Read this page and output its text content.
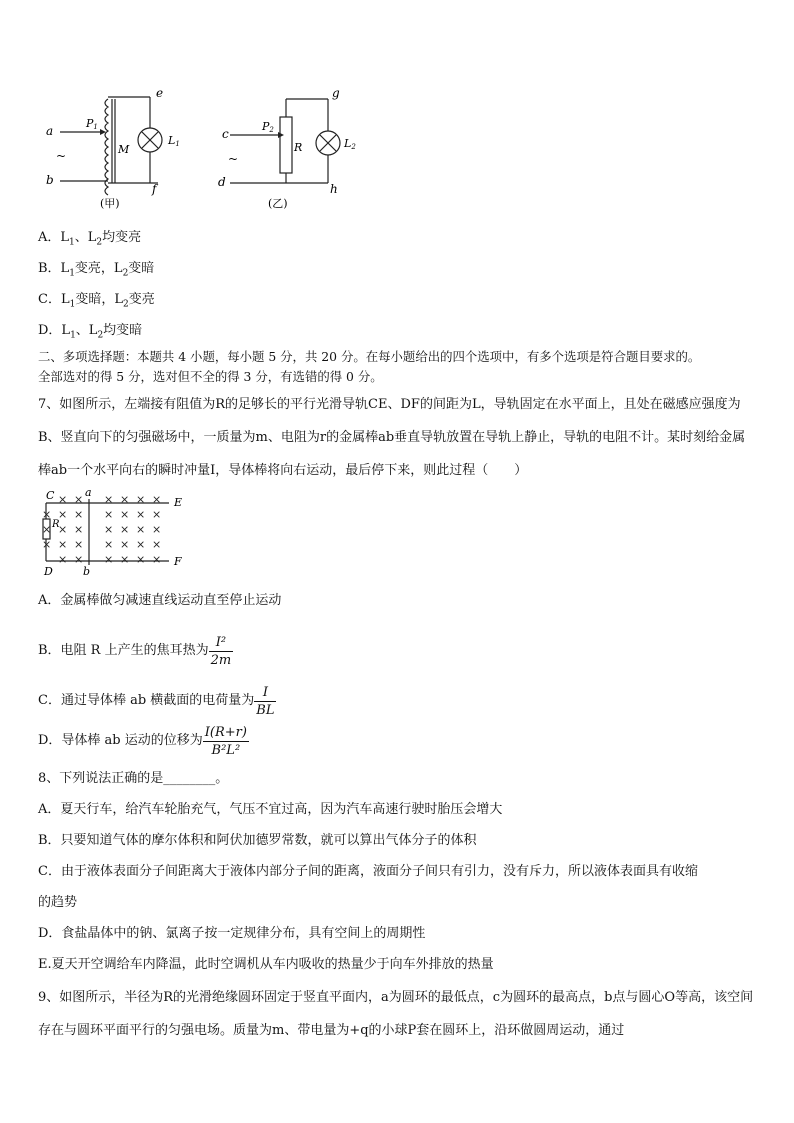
a
~
b
P1
M
e
f
L1
(甲)
c
~
d
P2
R
g
h
L2
(乙)
A．$L_1$、$L_2$均变亮
B．$L_1$变亮，$L_2$变暗
C．$L_1$变暗，$L_2$变亮
D．$L_1$、$L_2$均变暗
二、多项选择题：本题共 4 小题，每小题 5 分，共 20 分。在每小题给出的四个选项中，有多个选项是符合题目要求的。
全部选对的得 5 分，选对但不全的得 3 分，有选错的得 0 分。
7、如图所示，左端接有阻值为R的足够长的平行光滑导轨CE、DF的间距为L，导轨固定在水平面上，且处在磁感应强度为B、竖直向下的匀强磁场中，一质量为m、电阻为r的金属棒ab垂直导轨放置在导轨上静止，导轨的电阻不计。某时刻给金属棒ab一个水平向右的瞬时冲量I，导体棒将向右运动，最后停下来，则此过程（　　）
× × × × × ×
× × × × × × ×
× × × × × × ×
× × × × × × ×
× × × × × ×
C	a
E
D	b
F
R
A．金属棒做匀减速直线运动直至停止运动
B．电阻 R 上产生的焦耳热为 $\frac{\text{I²}}{2m}$
C．通过导体棒 ab 横截面的电荷量为 $\frac{I}{BL}$
D．导体棒 ab 运动的位移为 $\frac{I(R+r)}{\text{B²L²}}$
8、下列说法正确的是________。
A．夏天行车，给汽车轮胎充气，气压不宜过高，因为汽车高速行驶时胎压会增大
B．只要知道气体的摩尔体积和阿伏加德罗常数，就可以算出气体分子的体积
C．由于液体表面分子间距离大于液体内部分子间的距离，液面分子间只有引力，没有斥力，所以液体表面具有收缩
的趋势
D．食盐晶体中的钠、氯离子按一定规律分布，具有空间上的周期性
E.夏天开空调给车内降温，此时空调机从车内吸收的热量少于向车外排放的热量
9、如图所示，半径为R的光滑绝缘圆环固定于竖直平面内，a为圆环的最低点，c为圆环的最高点，b点与圆心O等高，该空间存在与圆环平面平行的匀强电场。质量为m、带电量为+q的小球P套在圆环上，沿环做圆周运动，通过
